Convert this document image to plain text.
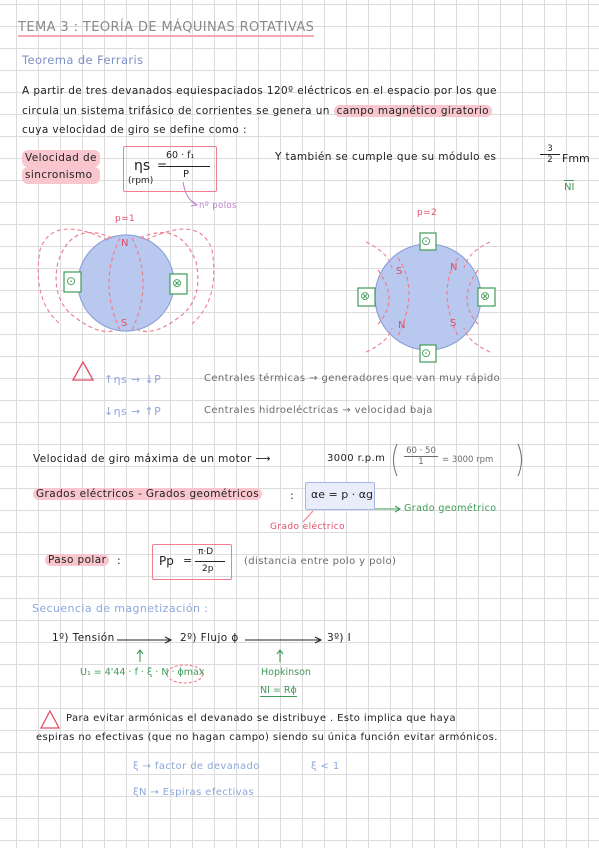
TEMA 3 : TEORÍA DE MÁQUINAS ROTATIVAS
Teorema de Ferraris
A partir de tres devanados equiespaciados 120º eléctricos en el espacio por los que
circula un sistema trifásico de corrientes se genera un campo magnético giratorio
cuya velocidad de giro se define como :
Velocidad de
sincronismo
ηs =
60 · f₁
P
(rpm)
nº polos
Y también se cumple que su módulo es
3
2 Fmm
NI
p=1
N
S
⊙	⊗
p=2
N
S
N	S
⊙
⊙
⊗	⊗
↑ηs → ↓P	Centrales térmicas → generadores que van muy rápido
↓ηs → ↑P	Centrales hidroeléctricas → velocidad baja
Velocidad de giro máxima de un motor ⟶	3000 r.p.m
60 · 50
1	= 3000 rpm
Grados eléctricos - Grados geométricos	: αe = p · αg
Grado eléctrico
Grado geométrico
Paso polar :	Pp =
π·D
2p
(distancia entre polo y polo)
Secuencia de magnetización :
1º) Tensión	2º) Flujo ϕ	3º) I
U₁ = 4'44 · f · ξ · N · ϕmax	Hopkinson
NI = Rϕ
Para evitar armónicas el devanado se distribuye . Esto implica que haya
espiras no efectivas (que no hagan campo) siendo su única función evitar armónicos.
ξ → factor de devanado	ξ < 1
ξN → Espiras efectivas
